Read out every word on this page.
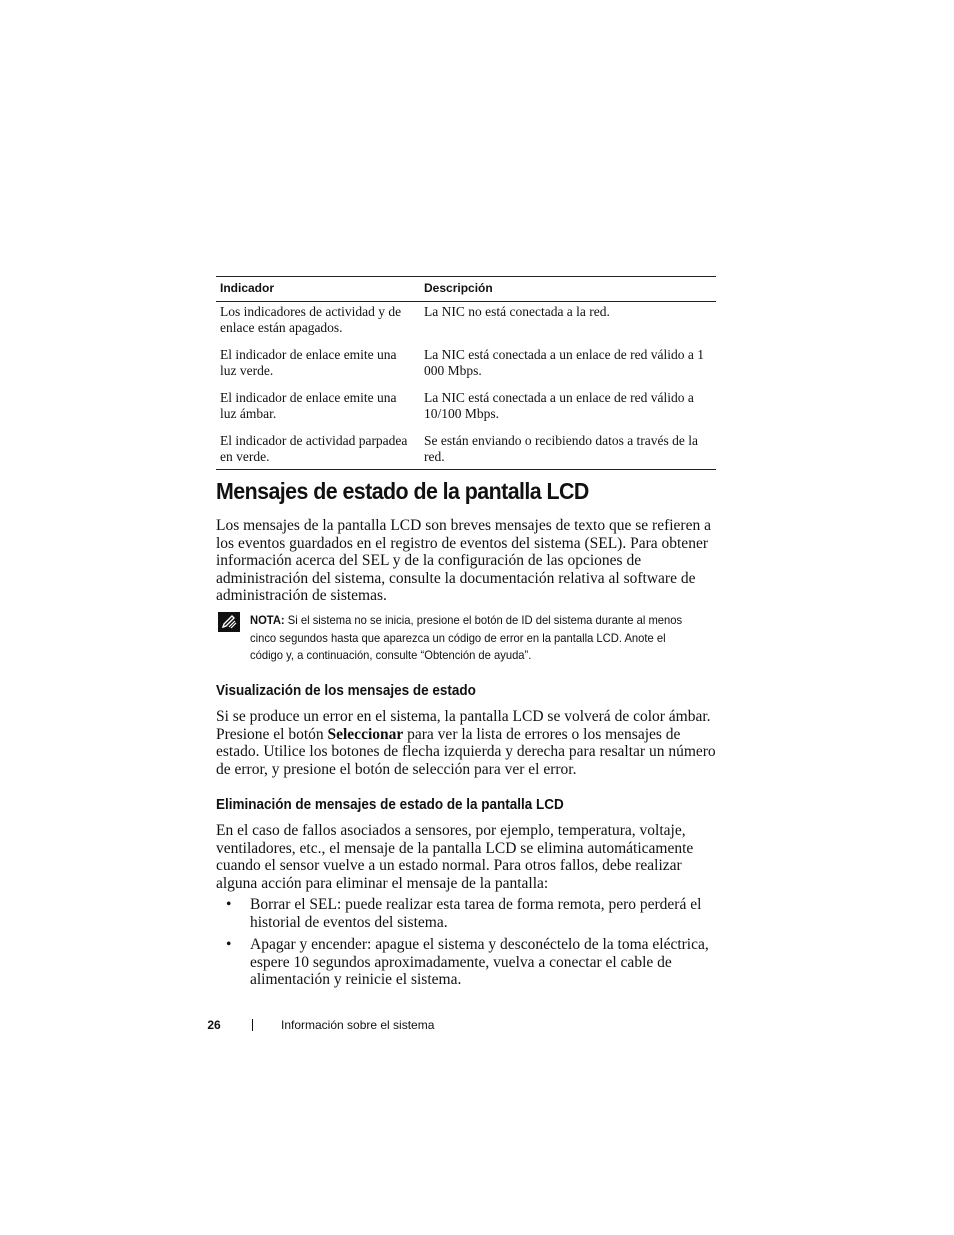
Indicador	Descripción
Los indicadores de actividad y de enlace están apagados.	La NIC no está conectada a la red.
El indicador de enlace emite una luz verde.	La NIC está conectada a un enlace de red válido a 1 000 Mbps.
El indicador de enlace emite una luz ámbar.	La NIC está conectada a un enlace de red válido a 10/100 Mbps.
El indicador de actividad parpadea en verde.	Se están enviando o recibiendo datos a través de la red.
Mensajes de estado de la pantalla LCD

Los mensajes de la pantalla LCD son breves mensajes de texto que se refieren a los eventos guardados en el registro de eventos del sistema (SEL). Para obtener información acerca del SEL y de la configuración de las opciones de administración del sistema, consulte la documentación relativa al software de administración de sistemas.

NOTA: Si el sistema no se inicia, presione el botón de ID del sistema durante al menos cinco segundos hasta que aparezca un código de error en la pantalla LCD. Anote el código y, a continuación, consulte “Obtención de ayuda”.

Visualización de los mensajes de estado

Si se produce un error en el sistema, la pantalla LCD se volverá de color ámbar. Presione el botón Seleccionar para ver la lista de errores o los mensajes de estado. Utilice los botones de flecha izquierda y derecha para resaltar un número de error, y presione el botón de selección para ver el error.

Eliminación de mensajes de estado de la pantalla LCD

En el caso de fallos asociados a sensores, por ejemplo, temperatura, voltaje, ventiladores, etc., el mensaje de la pantalla LCD se elimina automáticamente cuando el sensor vuelve a un estado normal. Para otros fallos, debe realizar alguna acción para eliminar el mensaje de la pantalla:

• Borrar el SEL: puede realizar esta tarea de forma remota, pero perderá el historial de eventos del sistema.
• Apagar y encender: apague el sistema y desconéctelo de la toma eléctrica, espere 10 segundos aproximadamente, vuelva a conectar el cable de alimentación y reinicie el sistema.
26	Información sobre el sistema
